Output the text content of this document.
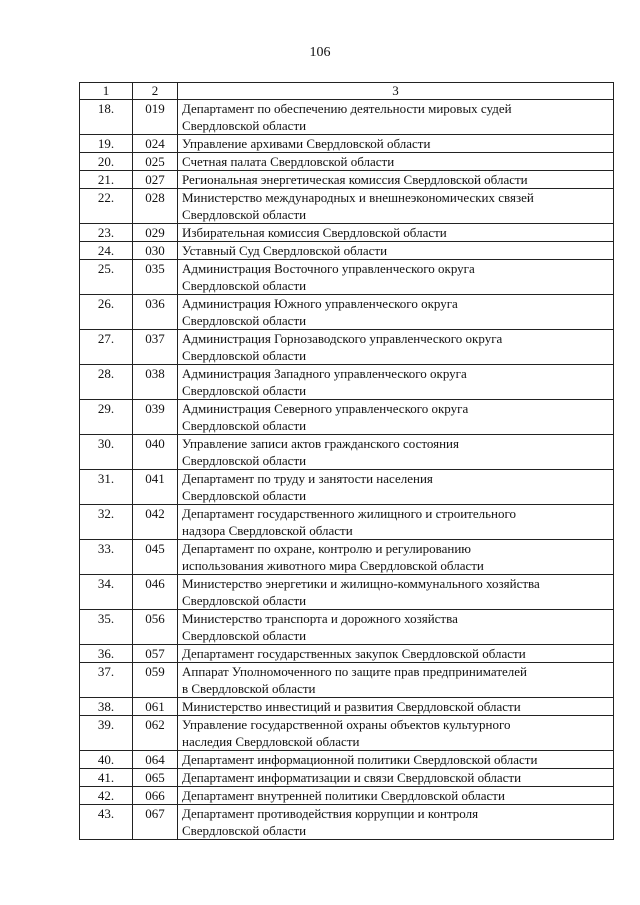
106
1	2	3
18.	019	Департамент по обеспечению деятельности мировых судей
Свердловской области

19.	024	Управление архивами Свердловской области

20.	025	Счетная палата Свердловской области

21.	027	Региональная энергетическая комиссия Свердловской области

22.	028	Министерство международных и внешнеэкономических связей
Свердловской области

23.	029	Избирательная комиссия Свердловской области

24.	030	Уставный Суд Свердловской области

25.	035	Администрация Восточного управленческого округа
Свердловской области

26.	036	Администрация Южного управленческого округа
Свердловской области

27.	037	Администрация Горнозаводского управленческого округа
Свердловской области

28.	038	Администрация Западного управленческого округа
Свердловской области

29.	039	Администрация Северного управленческого округа
Свердловской области

30.	040	Управление записи актов гражданского состояния
Свердловской области

31.	041	Департамент по труду и занятости населения
Свердловской области

32.	042	Департамент государственного жилищного и строительного
надзора Свердловской области

33.	045	Департамент по охране, контролю и регулированию
использования животного мира Свердловской области

34.	046	Министерство энергетики и жилищно-коммунального хозяйства
Свердловской области

35.	056	Министерство транспорта и дорожного хозяйства
Свердловской области

36.	057	Департамент государственных закупок Свердловской области

37.	059	Аппарат Уполномоченного по защите прав предпринимателей
в Свердловской области

38.	061	Министерство инвестиций и развития Свердловской области

39.	062	Управление государственной охраны объектов культурного
наследия Свердловской области

40.	064	Департамент информационной политики Свердловской области

41.	065	Департамент информатизации и связи Свердловской области

42.	066	Департамент внутренней политики Свердловской области

43.	067	Департамент противодействия коррупции и контроля
Свердловской области
